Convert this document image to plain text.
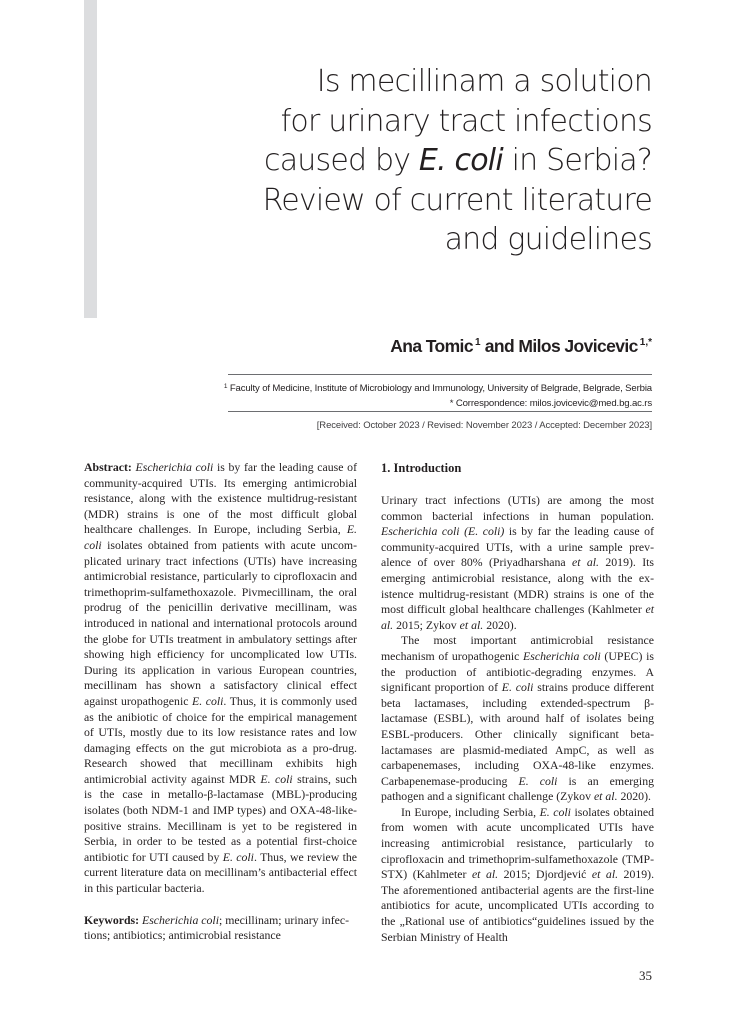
Is mecillinam a solution
for urinary tract infections
caused by E. coli in Serbia?
Review of current literature
and guidelines
Ana Tomic $^1$ and Milos Jovicevic $^{1,*}$
$^1$ Faculty of Medicine, Institute of Microbiology and Immunology, University of Belgrade, Belgrade, Serbia
* Correspondence: milos.jovicevic@med.bg.ac.rs
[Received: October 2023 / Revised: November 2023 / Accepted: December 2023]

Abstract: Escherichia coli is by far the leading cause of community-acquired UTIs. Its emerging antimicrobial resistance, along with the existence multidrug-resistant (MDR) strains is one of the most difficult global healthcare challenges. In Europe, including Serbia, E. coli isolates obtained from patients with acute uncomplicated urinary tract infections (UTIs) have increasing antimicrobial resistance, particularly to ciprofloxacin and trimethoprim-sulfamethoxazole. Pivmecillinam, the oral prodrug of the penicillin derivative mecillinam, was introduced in national and international protocols around the globe for UTIs treatment in ambulatory settings after showing high efficiency for uncomplicated low UTIs. During its application in various European countries, mecillinam has shown a satisfactory clinical effect against uropathogenic E. coli. Thus, it is commonly used as the anibiotic of choice for the empirical management of UTIs, mostly due to its low resistance rates and low damaging effects on the gut microbiota as a pro-drug. Research showed that mecillinam exhibits high antimicrobial activity against MDR E. coli strains, such is the case in metallo-β-lactamase (MBL)-producing isolates (both NDM-1 and IMP types) and OXA-48-like-positive strains. Mecillinam is yet to be registered in Serbia, in order to be tested as a potential first-choice antibiotic for UTI caused by E. coli. Thus, we review the current literature data on mecillinam’s antibacterial effect in this particular bacteria.

Keywords: Escherichia coli; mecillinam; urinary infections; antibiotics; antimicrobial resistance

1. Introduction

Urinary tract infections (UTIs) are among the most common bacterial infections in human population. Escherichia coli (E. coli) is by far the leading cause of community-acquired UTIs, with a urine sample prevalence of over 80% (Priyadharshana et al. 2019). Its emerging antimicrobial resistance, along with the existence multidrug-resistant (MDR) strains is one of the most difficult global healthcare challenges (Kahlmeter et al. 2015; Zykov et al. 2020).

The most important antimicrobial resistance mechanism of uropathogenic Escherichia coli (UPEC) is the production of antibiotic-degrading enzymes. A significant proportion of E. coli strains produce different beta lactamases, including extended-spectrum β-lactamase (ESBL), with around half of isolates being ESBL-producers. Other clinically significant beta-lactamases are plasmid-mediated AmpC, as well as carbapenemases, including OXA-48-like enzymes. Carbapenemase-producing E. coli is an emerging pathogen and a significant challenge (Zykov et al. 2020).

In Europe, including Serbia, E. coli isolates obtained from women with acute uncomplicated UTIs have increasing antimicrobial resistance, particularly to ciprofloxacin and trimethoprim-sulfamethoxazole (TMP-STX) (Kahlmeter et al. 2015; Djordjević et al. 2019). The aforementioned antibacterial agents are the first-line antibiotics for acute, uncomplicated UTIs according to the „Rational use of antibiotics“guidelines issued by the Serbian Ministry of Health

35
